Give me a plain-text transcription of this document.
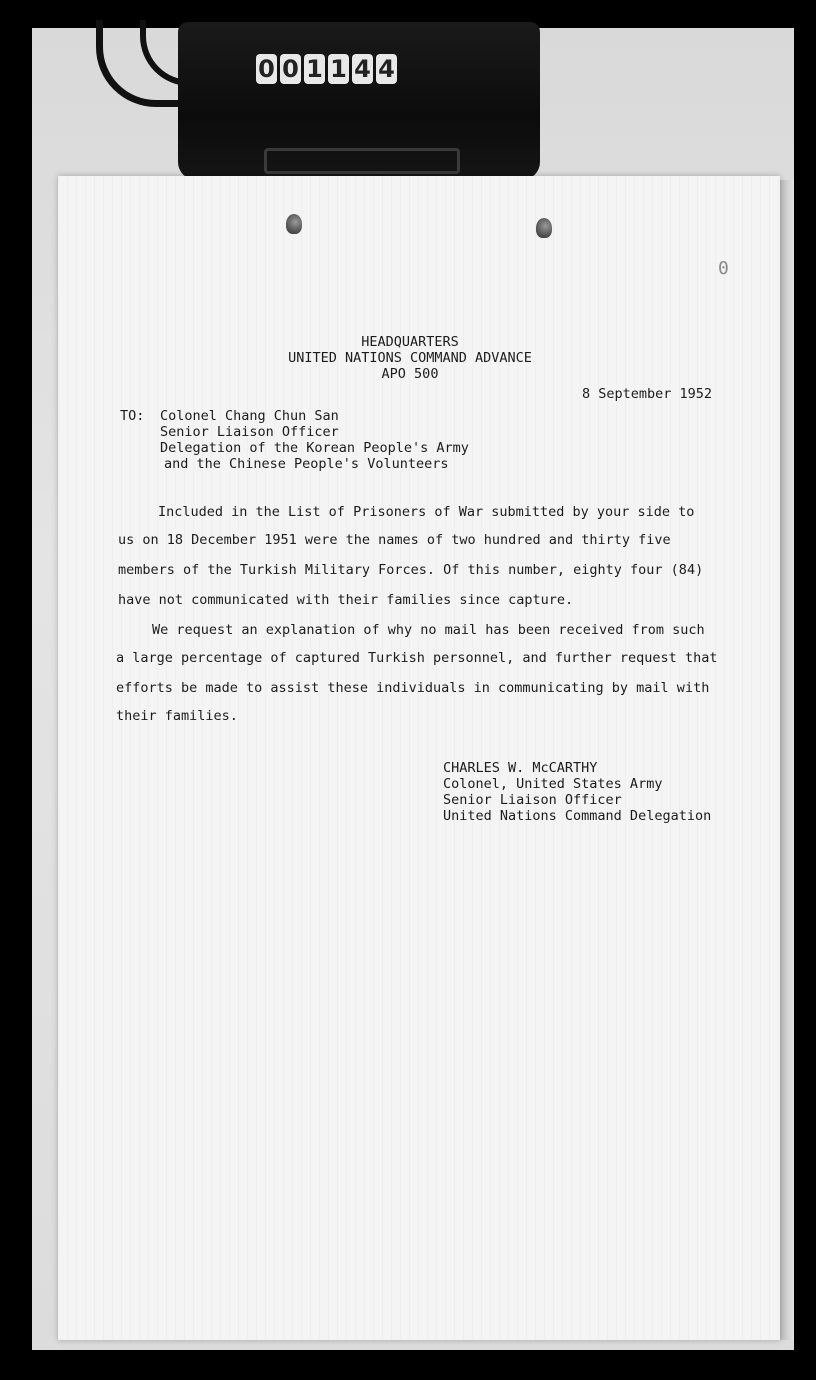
0 0 1 1 4 4
0
HEADQUARTERS
UNITED NATIONS COMMAND ADVANCE
APO 500
8 September 1952
TO: Colonel Chang Chun San
Senior Liaison Officer
Delegation of the Korean People's Army
and the Chinese People's Volunteers
Included in the List of Prisoners of War submitted by your side to
us on 18 December 1951 were the names of two hundred and thirty five
members of the Turkish Military Forces. Of this number, eighty four (84)
have not communicated with their families since capture.
We request an explanation of why no mail has been received from such
a large percentage of captured Turkish personnel, and further request that
efforts be made to assist these individuals in communicating by mail with
their families.
CHARLES W. McCARTHY
Colonel, United States Army
Senior Liaison Officer
United Nations Command Delegation
